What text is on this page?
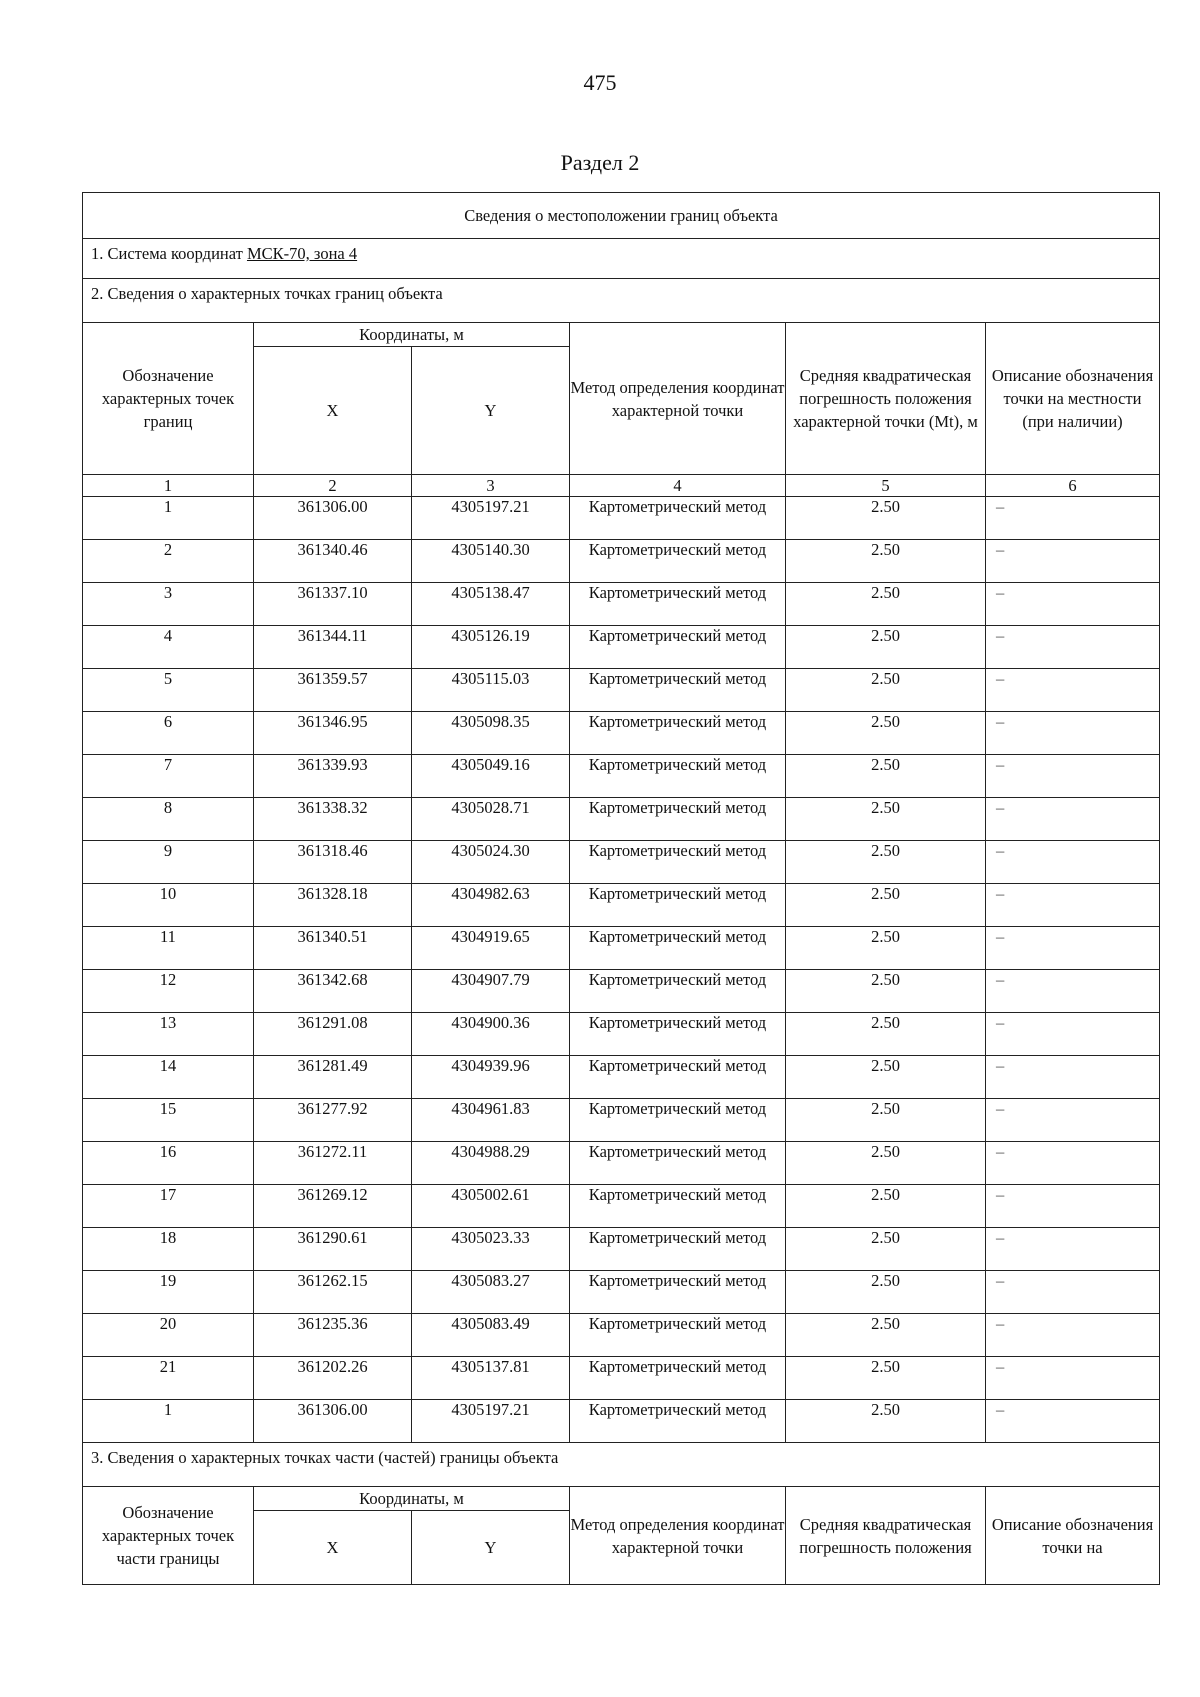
475
Раздел 2
Сведения о местоположении границ объекта					
1. Система координат МСК-70, зона 4					
2. Сведения о характерных точках границ объекта					
Обозначение характерных точек границ	Координаты, м		Метод определения координат характерной точки	Средняя квадратическая погрешность положения характерной точки (Mt), м	Описание обозначения точки на местности (при наличии)
	X	Y			
1	2	3	4	5	6
1	361306.00	4305197.21	Картометрический метод	2.50	–
2	361340.46	4305140.30	Картометрический метод	2.50	–
3	361337.10	4305138.47	Картометрический метод	2.50	–
4	361344.11	4305126.19	Картометрический метод	2.50	–
5	361359.57	4305115.03	Картометрический метод	2.50	–
6	361346.95	4305098.35	Картометрический метод	2.50	–
7	361339.93	4305049.16	Картометрический метод	2.50	–
8	361338.32	4305028.71	Картометрический метод	2.50	–
9	361318.46	4305024.30	Картометрический метод	2.50	–
10	361328.18	4304982.63	Картометрический метод	2.50	–
11	361340.51	4304919.65	Картометрический метод	2.50	–
12	361342.68	4304907.79	Картометрический метод	2.50	–
13	361291.08	4304900.36	Картометрический метод	2.50	–
14	361281.49	4304939.96	Картометрический метод	2.50	–
15	361277.92	4304961.83	Картометрический метод	2.50	–
16	361272.11	4304988.29	Картометрический метод	2.50	–
17	361269.12	4305002.61	Картометрический метод	2.50	–
18	361290.61	4305023.33	Картометрический метод	2.50	–
19	361262.15	4305083.27	Картометрический метод	2.50	–
20	361235.36	4305083.49	Картометрический метод	2.50	–
21	361202.26	4305137.81	Картометрический метод	2.50	–
1	361306.00	4305197.21	Картометрический метод	2.50	–
3. Сведения о характерных точках части (частей) границы объекта					
Обозначение характерных точек части границы	Координаты, м		Метод определения координат характерной точки	Средняя квадратическая погрешность положения	Описание обозначения точки на
	X	Y			
